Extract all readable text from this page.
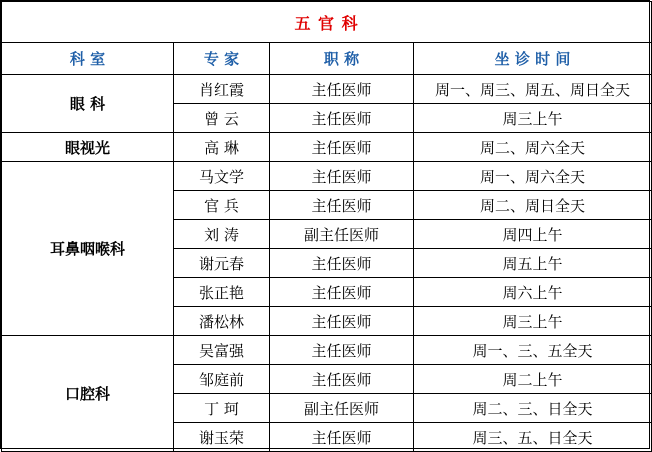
五 官 科			
科 室	专 家	职 称	坐 诊 时 间
眼 科	肖红霞	主任医师	周一、周三、周五、周日全天
	曾 云	主任医师	周三上午
眼视光	高 琳	主任医师	周二、周六全天
耳鼻咽喉科	马文学	主任医师	周一、周六全天
	官 兵	主任医师	周二、周日全天
	刘 涛	副主任医师	周四上午
	谢元春	主任医师	周五上午
	张正艳	主任医师	周六上午
	潘松林	主任医师	周三上午
口腔科	吴富强	主任医师	周一、三、五全天
	邹庭前	主任医师	周二上午
	丁 珂	副主任医师	周二、三、日全天
	谢玉荣	主任医师	周三、五、日全天
